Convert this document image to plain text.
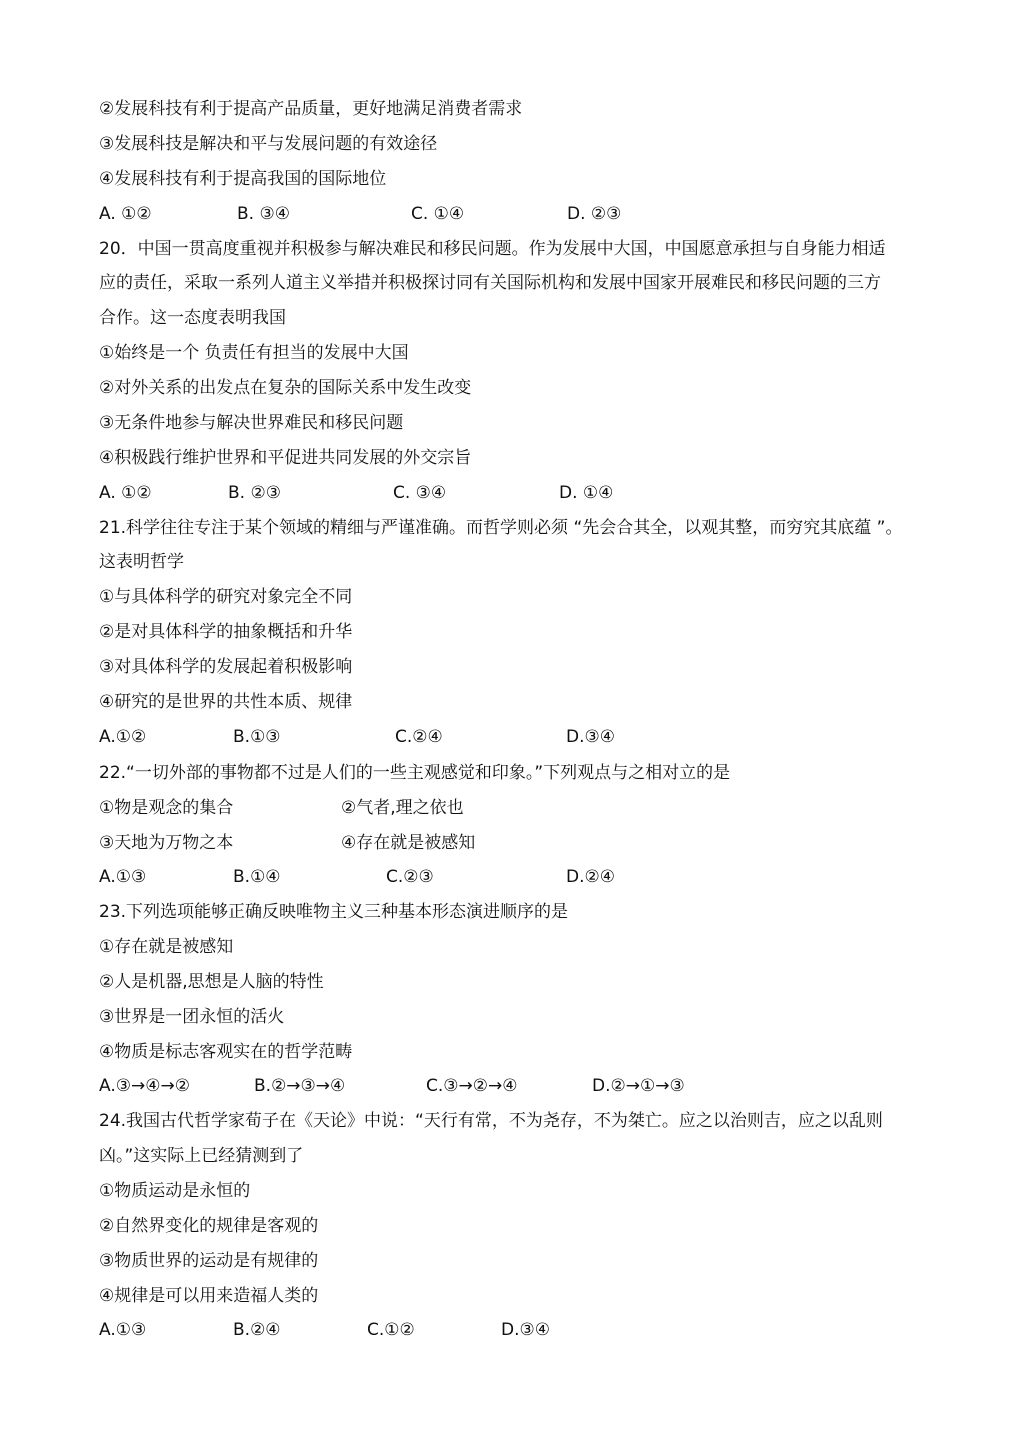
②发展科技有利于提高产品质量，更好地满足消费者需求
③发展科技是解决和平与发展问题的有效途径
④发展科技有利于提高我国的国际地位
A. ①②	B. ③④	C. ①④	D. ②③
20．中国一贯高度重视并积极参与解决难民和移民问题。作为发展中大国，中国愿意承担与自身能力相适
应的责任，采取一系列人道主义举措并积极探讨同有关国际机构和发展中国家开展难民和移民问题的三方
合作。这一态度表明我国
①始终是一个 负责任有担当的发展中大国
②对外关系的出发点在复杂的国际关系中发生改变
③无条件地参与解决世界难民和移民问题
④积极践行维护世界和平促进共同发展的外交宗旨
A. ①②	B. ②③	C. ③④	D. ①④
21.科学往往专注于某个领域的精细与严谨准确。而哲学则必须 “先会合其全，以观其整，而穷究其底蕴 ”。
这表明哲学
①与具体科学的研究对象完全不同
②是对具体科学的抽象概括和升华
③对具体科学的发展起着积极影响
④研究的是世界的共性本质、规律
A.①②	B.①③	C.②④	D.③④
22.“一切外部的事物都不过是人们的一些主观感觉和印象。”下列观点与之相对立的是
①物是观念的集合	②气者,理之依也
③天地为万物之本	④存在就是被感知
A.①③	B.①④	C.②③	D.②④
23.下列选项能够正确反映唯物主义三种基本形态演进顺序的是
①存在就是被感知
②人是机器,思想是人脑的特性
③世界是一团永恒的活火
④物质是标志客观实在的哲学范畴
A.③→④→②	B.②→③→④	C.③→②→④	D.②→①→③
24.我国古代哲学家荀子在《天论》中说：“天行有常，不为尧存，不为桀亡。应之以治则吉，应之以乱则
凶。”这实际上已经猜测到了
①物质运动是永恒的
②自然界变化的规律是客观的
③物质世界的运动是有规律的
④规律是可以用来造福人类的
A.①③	B.②④	C.①②	D.③④
